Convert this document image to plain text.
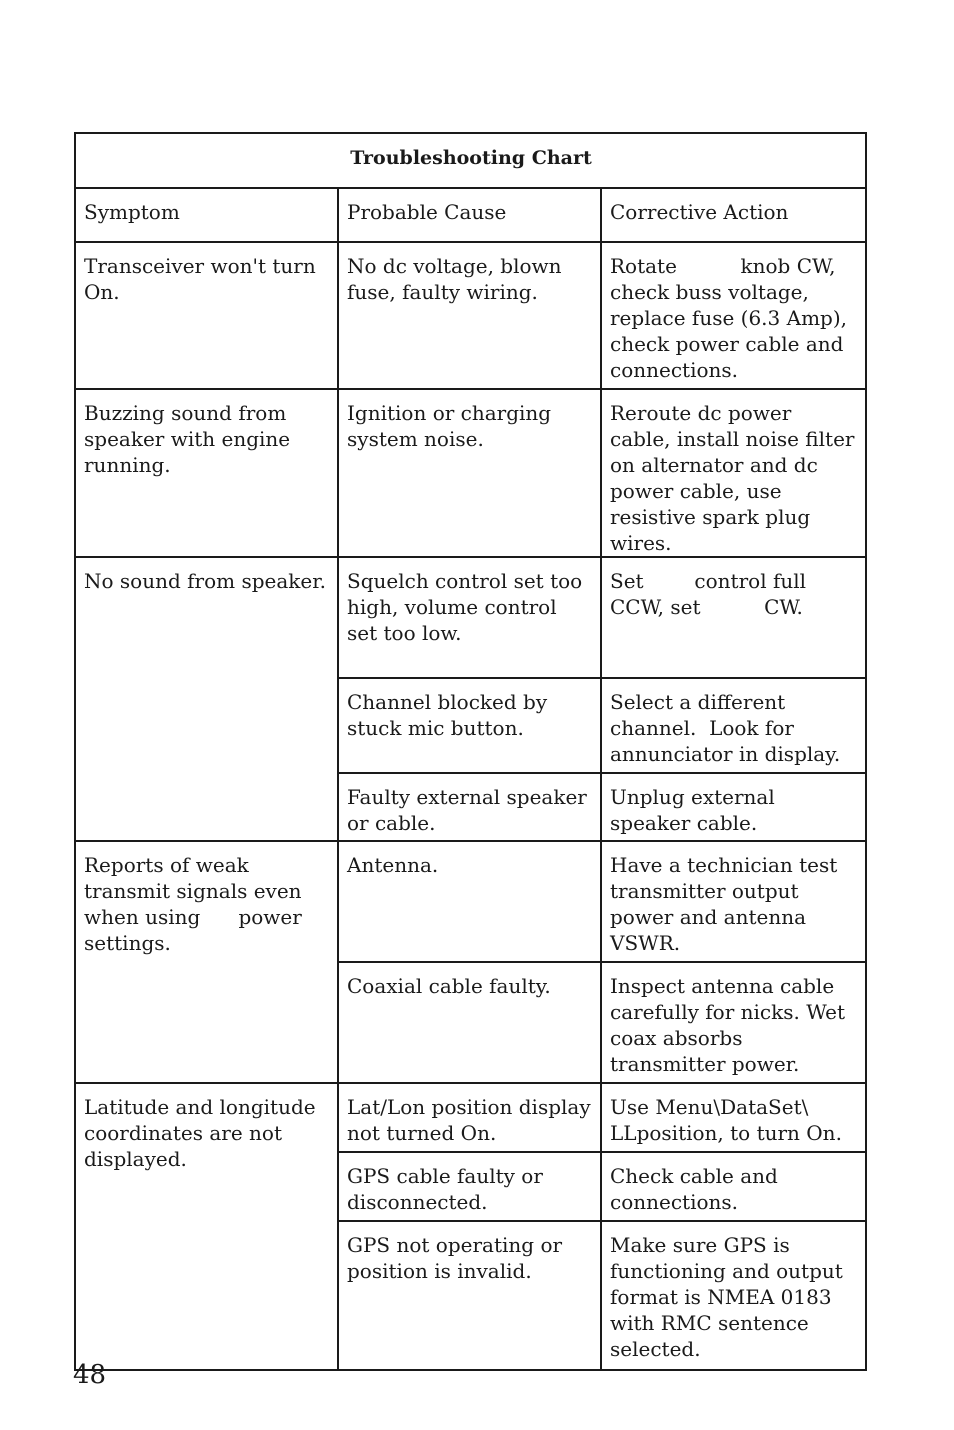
Troubleshooting Chart		
Symptom	Probable Cause	Corrective Action
Transceiver won't turn On.	No dc voltage, blown fuse, faulty wiring.	Rotate          knob CW, check buss voltage, replace fuse (6.3 Amp), check power cable and connections.
Buzzing sound from speaker with engine running.	Ignition or charging system noise.	Reroute dc power cable, install noise filter on alternator and dc power cable, use resistive spark plug wires.
No sound from speaker.	Squelch control set too high, volume control set too low.	Set        control full CCW, set          CW.
	Channel blocked by stuck mic button.	Select a different channel.  Look for annunciator in display.
	Faulty external speaker or cable.	Unplug external speaker cable.
Reports of weak transmit signals even when using      power settings.	Antenna.	Have a technician test transmitter output power and antenna VSWR.
	Coaxial cable faulty.	Inspect antenna cable carefully for nicks. Wet coax absorbs transmitter power.
Latitude and longitude coordinates are not displayed.	Lat/Lon position display not turned On.	Use Menu\DataSet\ LLposition, to turn On.
	GPS cable faulty or disconnected.	Check cable and connections.
	GPS not operating or position is invalid.	Make sure GPS is functioning and output format is NMEA 0183 with RMC sentence selected.
48
